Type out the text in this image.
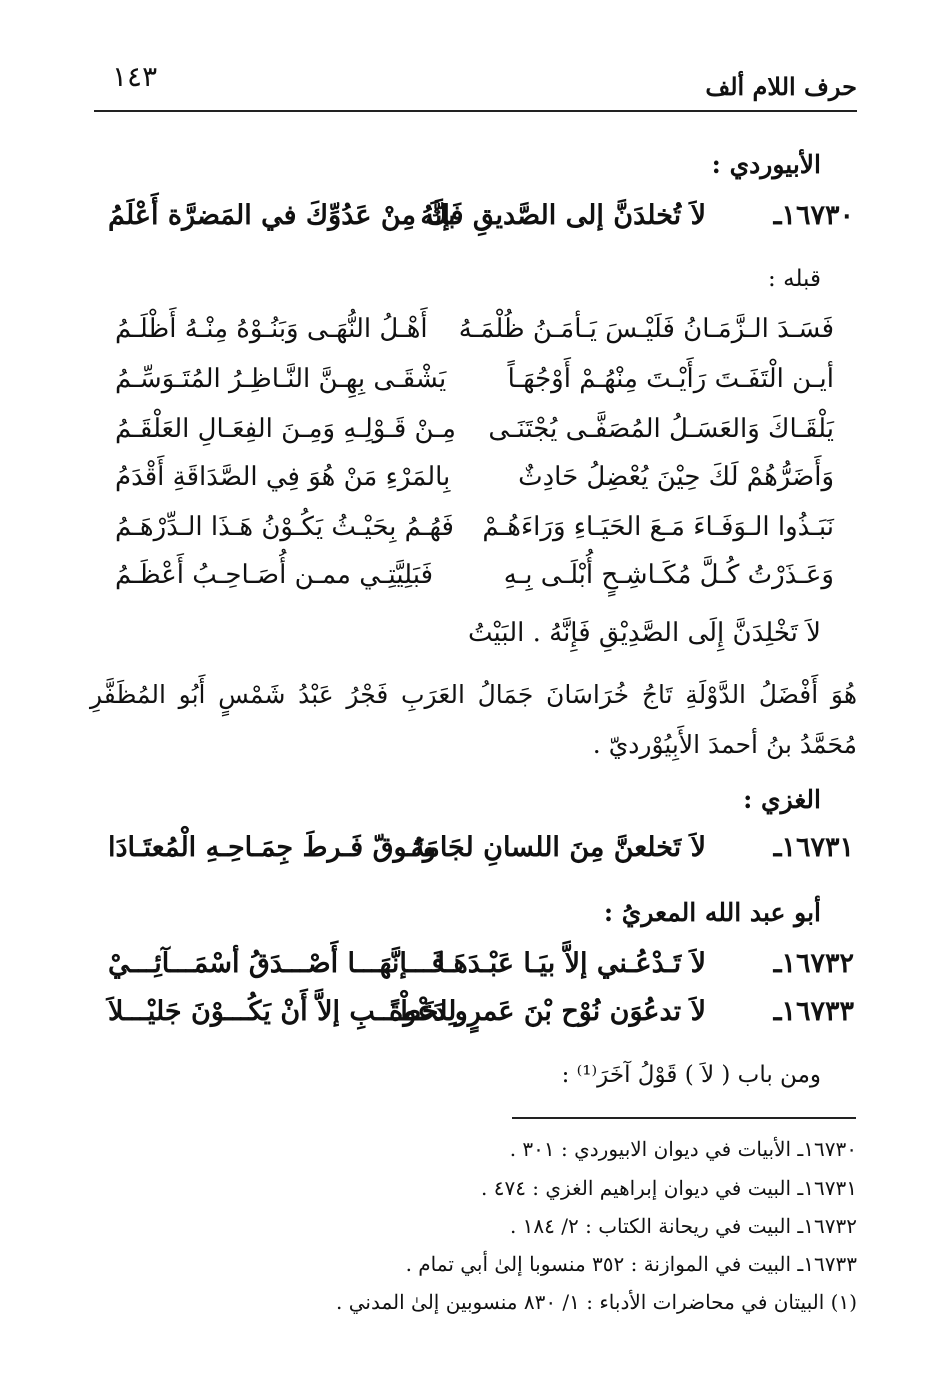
حرف اللام ألف
١٤٣
الأبيوردي :
١٦٧٣٠ـ
لاَ تُخلدَنَّ إلى الصَّديقِ فَإنَّهُ
بكَ مِنْ عَدُوِّكَ في المَضرَّة أَعْلَمُ
قبله :
فَسَـدَ الـزَّمَـانُ فَلَيْـسَ يَـأمَـنُ ظُلْمَـهُ
أَهْـلُ النُّهَـى وَبَنُـوْهُ مِنْـهُ أَظْلَـمُ
أيـن الْتَفَـتَ رَأَيْـتَ مِنْهُـمْ أَوْجُهَـاً
يَشْقَـى بِهِـنَّ النَّـاظِـرُ المُتَـوَسِّـمُ
يَلْقَـاكَ وَالعَسَـلُ المُصَفَّـى يُجْتَنَـى
مِـنْ قَـوْلِـهِ وَمِـنَ الفِعَـالِ العَلْقَـمُ
وَأَضَرُّهُمْ لَكَ حِيْنَ يُعْضِلُ حَادِثٌ
بِالمَرْءِ مَنْ هُوَ فِي الصَّدَاقَةِ أَقْدَمُ
نَبَـذُوا الـوَفَـاءَ مَـعَ الحَيَـاءِ وَرَاءَهُـمْ
فَهُـمُ بِحَيْـثُ يَكُـوْنُ هَـذَا الـدِّرْهَـمُ
وَعَـذَرْتُ كُـلَّ مُكَـاشِـحٍ أُبْلَـى بِـهِ
فَبَلِيَّتِـي ممـن أُصَـاحِـبُ أَعْظَـمُ
لاَ تَخْلِدَنَّ إِلَى الصَّدِيْقِ فَإِنَّهُ . البَيْتُ
هُوَ أَفْضَلُ الدَّوْلَةِ تَاجُ خُرَاسَانَ جَمَالُ العَرَبِ فَجْرُ عَبْدُ شَمْسٍ أَبُو المُظَفَّرِ مُحَمَّدُ بنُ أحمدَ الأَبِيُوْرديّ .
الغزي :
١٦٧٣١ـ
لاَ تَخلعنَّ مِنَ اللسانِ لجَامَهُ
وتَـوقّ فَـرطَ جِمَـاحِـهِ الْمُعتَـادَا
أبو عبد الله المعريُ :
١٦٧٣٢ـ
لاَ تَـدْعُـني إلاَّ بيَـا عَبْـدَهَـا
فَـــإنَّهَـــا أَصْـــدَقُ أسْمَـــآئِـــيْ
١٦٧٣٣ـ
لاَ تدعُوَن نُوْح بْنَ عَمرٍو دَعْوةً
لِلخَطْـــبِ إلاَّ أَنْ يَكُـــوْنَ جَليْـــلاَ
ومن باب ( لاَ ) قَوْلُ آخَرَ⁽¹⁾ :
١٦٧٣٠ـ الأبيات في ديوان الابيوردي : ٣٠١ .
١٦٧٣١ـ البيت في ديوان إبراهيم الغزي : ٤٧٤ .
١٦٧٣٢ـ البيت في ريحانة الكتاب : ٢/ ١٨٤ .
١٦٧٣٣ـ البيت في الموازنة : ٣٥٢ منسوبا إلىٰ أبي تمام .
(١) البيتان في محاضرات الأدباء : ١/ ٨٣٠ منسوبين إلىٰ المدني .
